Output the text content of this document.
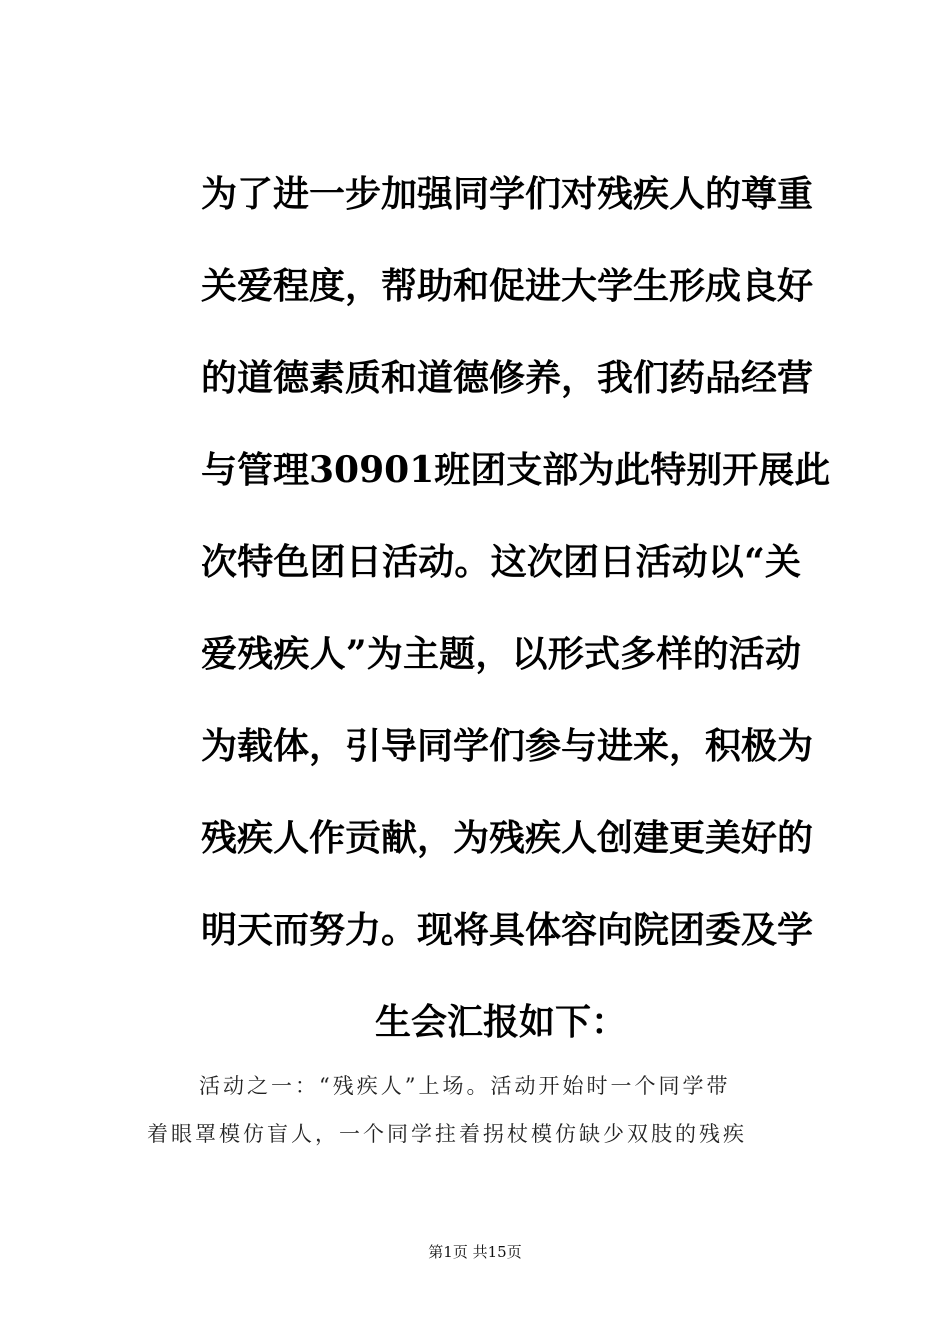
为了进一步加强同学们对残疾人的尊重
关爱程度，帮助和促进大学生形成良好
的道德素质和道德修养，我们药品经营
与管理30901班团支部为此特别开展此
次特色团日活动。这次团日活动以“关
爱残疾人”为主题，以形式多样的活动
为载体，引导同学们参与进来，积极为
残疾人作贡献，为残疾人创建更美好的
明天而努力。现将具体容向院团委及学
生会汇报如下：
活动之一：“残疾人”上场。活动开始时一个同学带
着眼罩模仿盲人，一个同学拄着拐杖模仿缺少双肢的残疾
第1页 共15页
